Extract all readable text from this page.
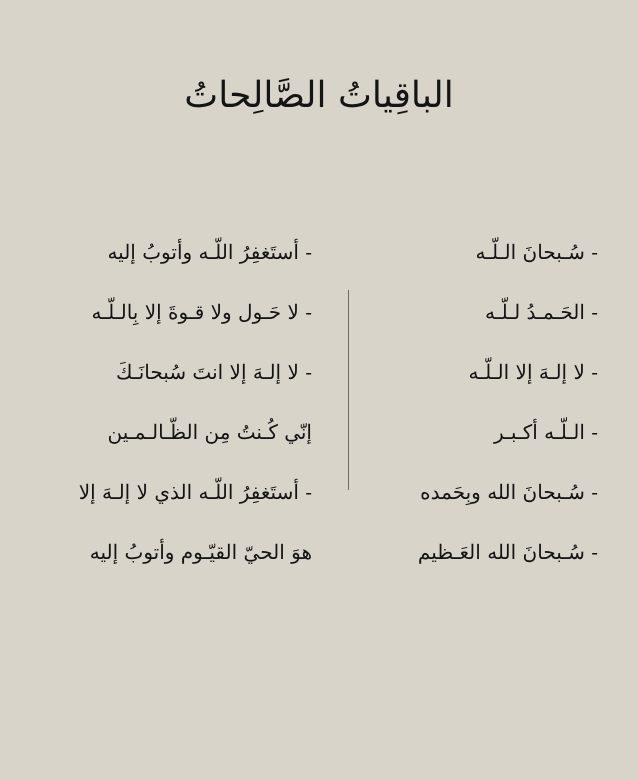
الباقِياتُ الصَّالِحاتُ
- سُـبحانَ الـلّـه
- الحَـمـدُ لـلّـه
- لا إلـهَ إلا الـلّـه
- الـلّـه أكـبـر
- سُـبحانَ الله وبِحَمده
- سُـبحانَ الله العَـظيم
- أستَغفِرُ اللّـه وأتوبُ إليه
- لا حَـول ولا قـوةَ إلا بِالـلّـه
- لا إلـهَ إلا انتَ سُبحانَـكَ
إنّي كُـنتُ مِن الظّـالـمـين
- أستَغفِرُ اللّـه الذي لا إلـهَ إلا
هوَ الحيّ القيّـوم وأتوبُ إليه
